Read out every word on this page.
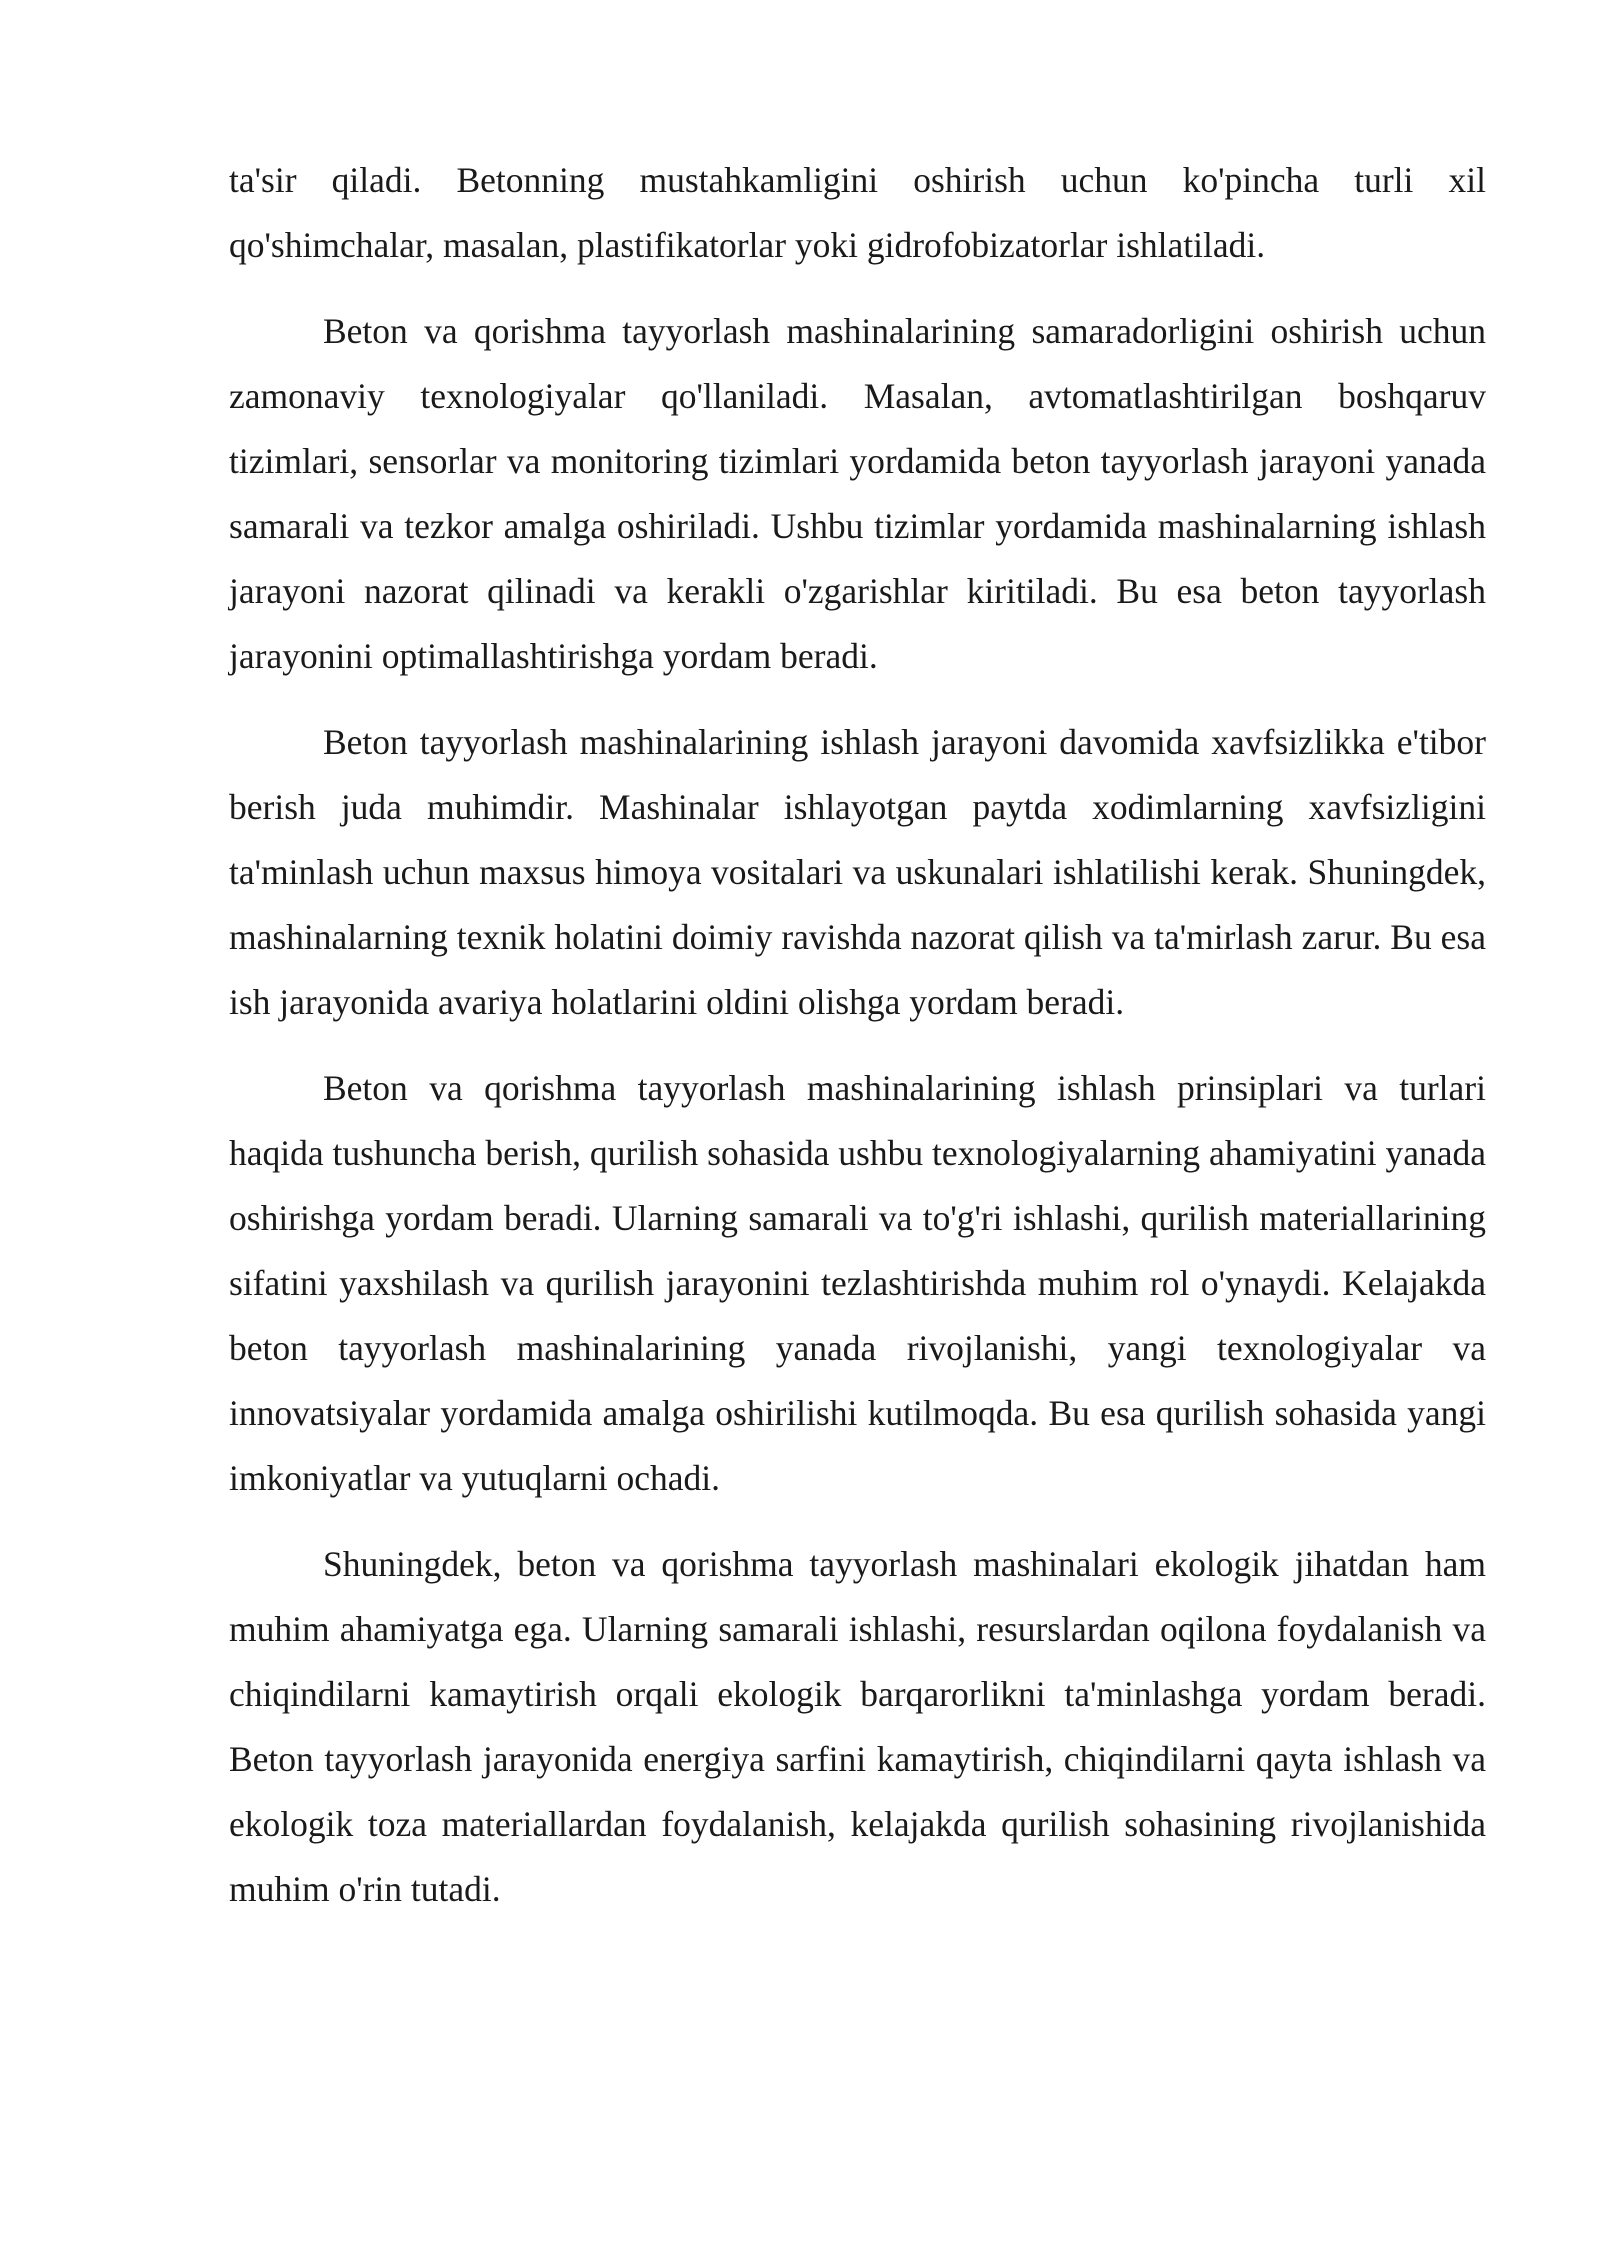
ta'sir qiladi. Betonning mustahkamligini oshirish uchun ko'pincha turli xil qo'shimchalar, masalan, plastifikatorlar yoki gidrofobizatorlar ishlatiladi.

Beton va qorishma tayyorlash mashinalarining samaradorligini oshirish uchun zamonaviy texnologiyalar qo'llaniladi. Masalan, avtomatlashtirilgan boshqaruv tizimlari, sensorlar va monitoring tizimlari yordamida beton tayyorlash jarayoni yanada samarali va tezkor amalga oshiriladi. Ushbu tizimlar yordamida mashinalarning ishlash jarayoni nazorat qilinadi va kerakli o'zgarishlar kiritiladi. Bu esa beton tayyorlash jarayonini optimallashtirishga yordam beradi.

Beton tayyorlash mashinalarining ishlash jarayoni davomida xavfsizlikka e'tibor berish juda muhimdir. Mashinalar ishlayotgan paytda xodimlarning xavfsizligini ta'minlash uchun maxsus himoya vositalari va uskunalari ishlatilishi kerak. Shuningdek, mashinalarning texnik holatini doimiy ravishda nazorat qilish va ta'mirlash zarur. Bu esa ish jarayonida avariya holatlarini oldini olishga yordam beradi.

Beton va qorishma tayyorlash mashinalarining ishlash prinsiplari va turlari haqida tushuncha berish, qurilish sohasida ushbu texnologiyalarning ahamiyatini yanada oshirishga yordam beradi. Ularning samarali va to'g'ri ishlashi, qurilish materiallarining sifatini yaxshilash va qurilish jarayonini tezlashtirishda muhim rol o'ynaydi. Kelajakda beton tayyorlash mashinalarining yanada rivojlanishi, yangi texnologiyalar va innovatsiyalar yordamida amalga oshirilishi kutilmoqda. Bu esa qurilish sohasida yangi imkoniyatlar va yutuqlarni ochadi.

Shuningdek, beton va qorishma tayyorlash mashinalari ekologik jihatdan ham muhim ahamiyatga ega. Ularning samarali ishlashi, resurslardan oqilona foydalanish va chiqindilarni kamaytirish orqali ekologik barqarorlikni ta'minlashga yordam beradi. Beton tayyorlash jarayonida energiya sarfini kamaytirish, chiqindilarni qayta ishlash va ekologik toza materiallardan foydalanish, kelajakda qurilish sohasining rivojlanishida muhim o'rin tutadi.
